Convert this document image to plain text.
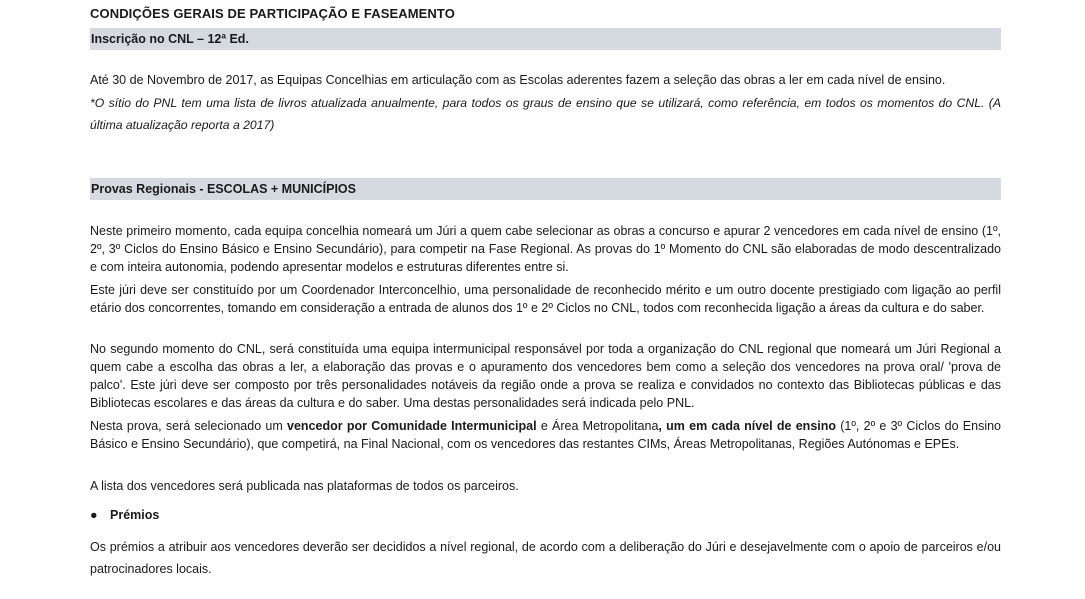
CONDIÇÕES GERAIS DE PARTICIPAÇÃO E FASEAMENTO
Inscrição no CNL – 12ª Ed.
Até 30 de Novembro de 2017, as Equipas Concelhias em articulação com as Escolas aderentes fazem a seleção das obras a ler em cada nível de ensino.
*O sítio do PNL tem uma lista de livros atualizada anualmente, para todos os graus de ensino que se utilizará, como referência, em todos os momentos do CNL. (A última atualização reporta a 2017)
Provas Regionais - ESCOLAS + MUNICÍPIOS
Neste primeiro momento, cada equipa concelhia nomeará um Júri a quem cabe selecionar as obras a concurso e apurar 2 vencedores em cada nível de ensino (1º, 2º, 3º Ciclos do Ensino Básico e Ensino Secundário), para competir na Fase Regional. As provas do 1º Momento do CNL são elaboradas de modo descentralizado e com inteira autonomia, podendo apresentar modelos e estruturas diferentes entre si.
Este júri deve ser constituído por um Coordenador Interconcelhio, uma personalidade de reconhecido mérito e um outro docente prestigiado com ligação ao perfil etário dos concorrentes, tomando em consideração a entrada de alunos dos 1º e 2º Ciclos no CNL, todos com reconhecida ligação a áreas da cultura e do saber.
No segundo momento do CNL, será constituída uma equipa intermunicipal responsável por toda a organização do CNL regional que nomeará um Júri Regional a quem cabe a escolha das obras a ler, a elaboração das provas e o apuramento dos vencedores bem como a seleção dos vencedores na prova oral/ 'prova de palco'. Este júri deve ser composto por três personalidades notáveis da região onde a prova se realiza e convidados no contexto das Bibliotecas públicas e das Bibliotecas escolares e das áreas da cultura e do saber. Uma destas personalidades será indicada pelo PNL.
Nesta prova, será selecionado um vencedor por Comunidade Intermunicipal e Área Metropolitana, um em cada nível de ensino (1º, 2º e 3º Ciclos do Ensino Básico e Ensino Secundário), que competirá, na Final Nacional, com os vencedores das restantes CIMs, Áreas Metropolitanas, Regiões Autónomas e EPEs.
A lista dos vencedores será publicada nas plataformas de todos os parceiros.
● Prémios
Os prémios a atribuir aos vencedores deverão ser decididos a nível regional, de acordo com a deliberação do Júri e desejavelmente com o apoio de parceiros e/ou patrocinadores locais.
